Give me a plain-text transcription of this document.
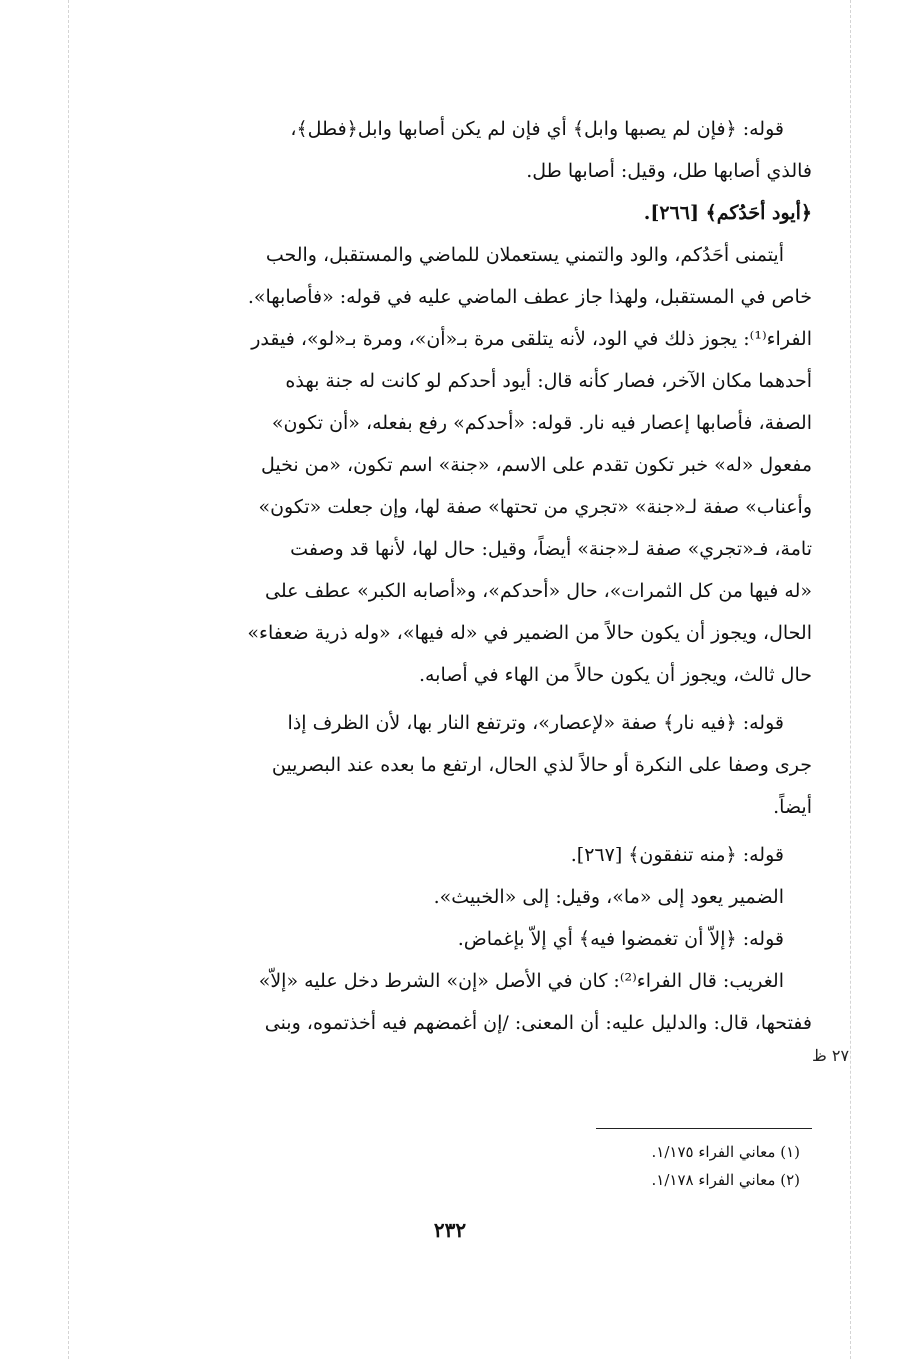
قوله: ﴿فإن لم يصبها وابل﴾ أي فإن لم يكن أصابها وابل﴿فطل﴾،

فالذي أصابها طل، وقيل: أصابها طل.

﴿أيود أحَدُكم﴾ [٢٦٦].

أيتمنى أحَدُكم، والود والتمني يستعملان للماضي والمستقبل، والحب

خاص في المستقبل، ولهذا جاز عطف الماضي عليه في قوله: «فأصابها».

الفراء⁽¹⁾: يجوز ذلك في الود، لأنه يتلقى مرة بـ«أن»، ومرة بـ«لو»، فيقدر

أحدهما مكان الآخر، فصار كأنه قال: أيود أحدكم لو كانت له جنة بهذه

الصفة، فأصابها إعصار فيه نار. قوله: «أحدكم» رفع بفعله، «أن تكون»

مفعول «له» خبر تكون تقدم على الاسم، «جنة» اسم تكون، «من نخيل

وأعناب» صفة لـ«جنة» «تجري من تحتها» صفة لها، وإن جعلت «تكون»

تامة، فـ«تجري» صفة لـ«جنة» أيضاً، وقيل: حال لها، لأنها قد وصفت

«له فيها من كل الثمرات»، حال «أحدكم»، و«أصابه الكبر» عطف على

الحال، ويجوز أن يكون حالاً من الضمير في «له فيها»، «وله ذرية ضعفاء»

حال ثالث، ويجوز أن يكون حالاً من الهاء في أصابه.

قوله: ﴿فيه نار﴾ صفة «لإعصار»، وترتفع النار بها، لأن الظرف إذا

جرى وصفا على النكرة أو حالاً لذي الحال، ارتفع ما بعده عند البصريين

أيضاً.

قوله: ﴿منه تنفقون﴾ [٢٦٧].

الضمير يعود إلى «ما»، وقيل: إلى «الخبيث».

قوله: ﴿إلاّ أن تغمضوا فيه﴾ أي إلاّ بإغماض.

الغريب: قال الفراء⁽²⁾: كان في الأصل «إن» الشرط دخل عليه «إلاّ»

ففتحها، قال: والدليل عليه: أن المعنى: /إن أغمضهم فيه أخذتموه، وبنى

٢٧ ظ

(١) معاني الفراء ١/١٧٥.

(٢) معاني الفراء ١/١٧٨.

٢٣٢
